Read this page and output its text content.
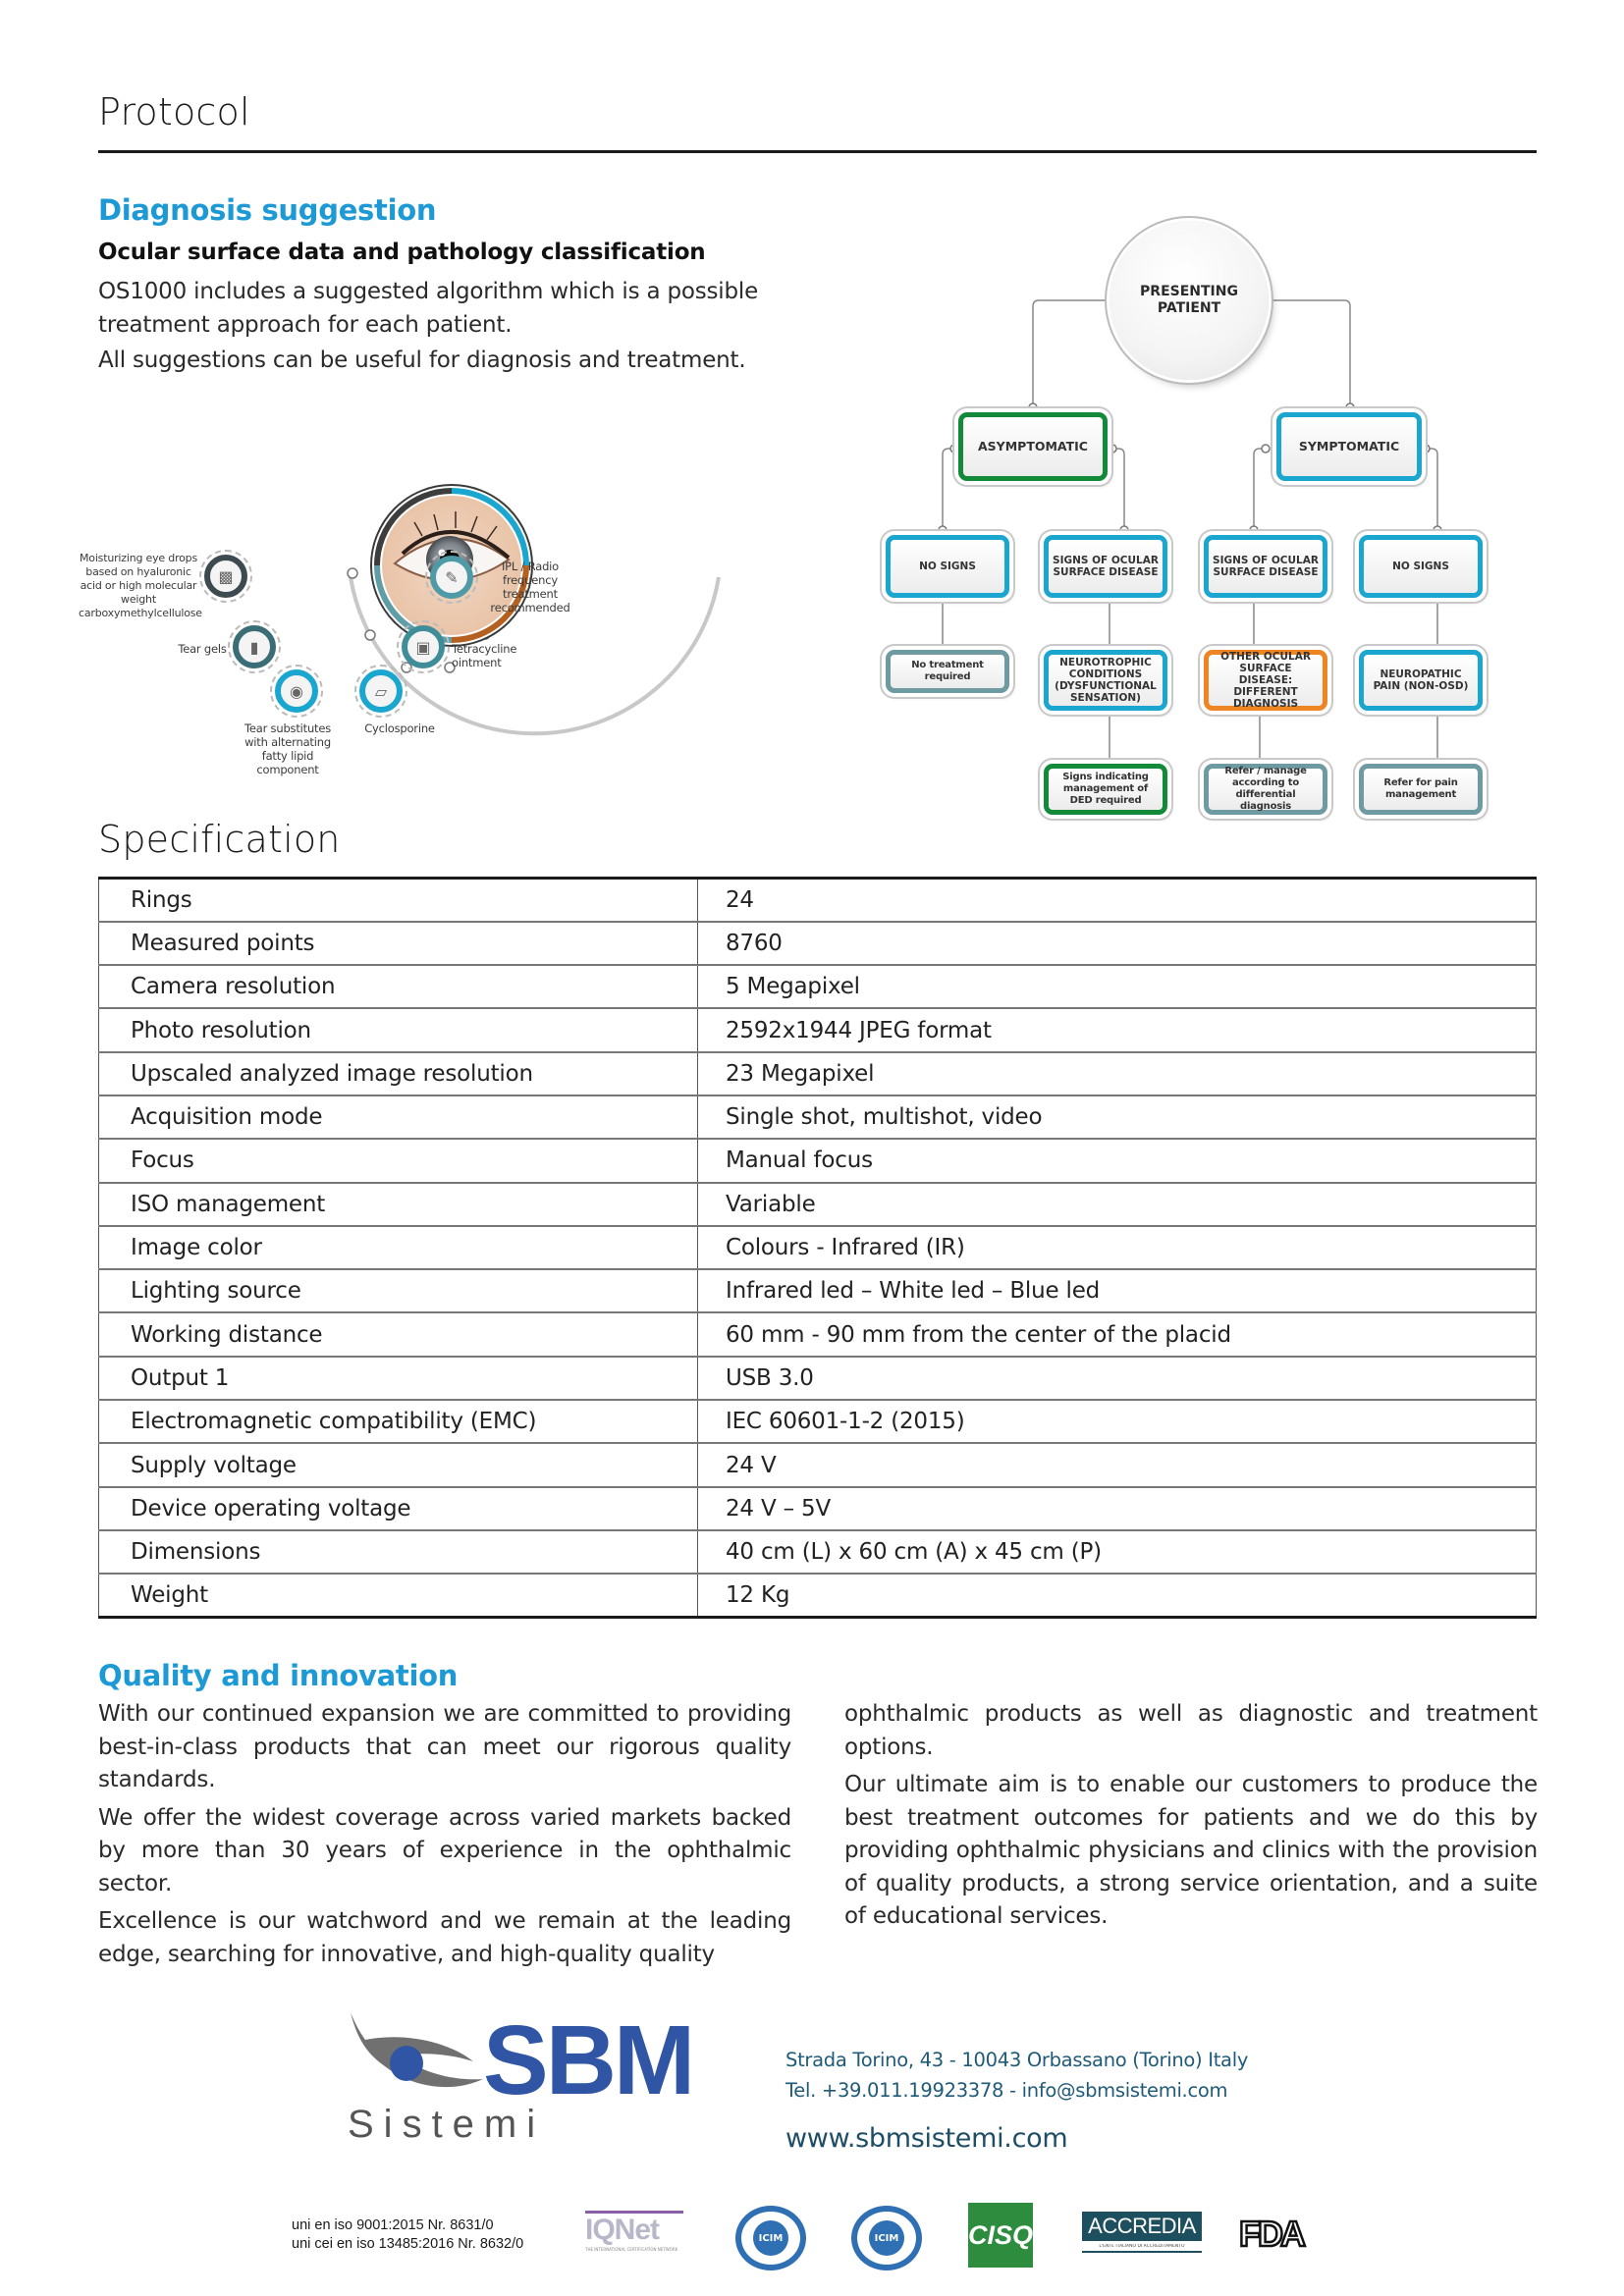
Protocol
Diagnosis suggestion
Ocular surface data and pathology classification
OS1000 includes a suggested algorithm which is a possible treatment approach for each patient.
All suggestions can be useful for diagnosis and treatment.
▩
▮
◉	▱
▣
✎
Moisturizing eye drops based on hyaluronic acid or high molecular weight carboxymethylcellulose
Tear gels
Tear substitutes with alternating fatty lipid component
Cyclosporine
Tetracycline ointment
IPL / Radio frequency treatment recommended
PRESENTING PATIENT
ASYMPTOMATIC	SYMPTOMATIC
NO SIGNS	SIGNS OF OCULAR SURFACE DISEASE
SIGNS OF OCULAR SURFACE DISEASE	NO SIGNS
No treatment required
NEUROTROPHIC CONDITIONS (DYSFUNCTIONAL SENSATION)
OTHER OCULAR SURFACE DISEASE: DIFFERENT DIAGNOSIS
NEUROPATHIC PAIN (NON-OSD)
Signs indicating management of DED required
Refer / manage according to differential diagnosis
Refer for pain management
Specification
Rings	24
Measured points	8760
Camera resolution	5 Megapixel
Photo resolution	2592x1944 JPEG format
Upscaled analyzed image resolution	23 Megapixel
Acquisition mode	Single shot, multishot, video
Focus	Manual focus
ISO management	Variable
Image color	Colours - Infrared (IR)
Lighting source	Infrared led – White led – Blue led
Working distance	60 mm - 90 mm from the center of the placid
Output 1	USB 3.0
Electromagnetic compatibility (EMC)	IEC 60601-1-2 (2015)
Supply voltage	24 V
Device operating voltage	24 V – 5V
Dimensions	40 cm (L) x 60 cm (A) x 45 cm (P)
Weight	12 Kg
Quality and innovation

With our continued expansion we are committed to providing best-in-class products that can meet our rigorous quality standards.

We offer the widest coverage across varied markets backed by more than 30 years of experience in the ophthalmic sector.

Excellence is our watchword and we remain at the leading edge, searching for innovative, and high-quality quality

ophthalmic products as well as diagnostic and treatment options.

Our ultimate aim is to enable our customers to produce the best treatment outcomes for patients and we do this by providing ophthalmic physicians and clinics with the provision of quality products, a strong service orientation, and a suite of educational services.

SBM
Sistemi
Strada Torino, 43 - 10043 Orbassano (Torino) Italy
Tel. +39.011.19923378 - info@sbmsistemi.com
www.sbmsistemi.com
uni en iso 9001:2015 Nr. 8631/0
uni cei en iso 13485:2016 Nr. 8632/0 IQNet
THE INTERNATIONAL CERTIFICATION NETWORK
ICIM	ICIM	CISQ	ACCREDIA
L'ENTE ITALIANO DI ACCREDITAMENTO	FDA
